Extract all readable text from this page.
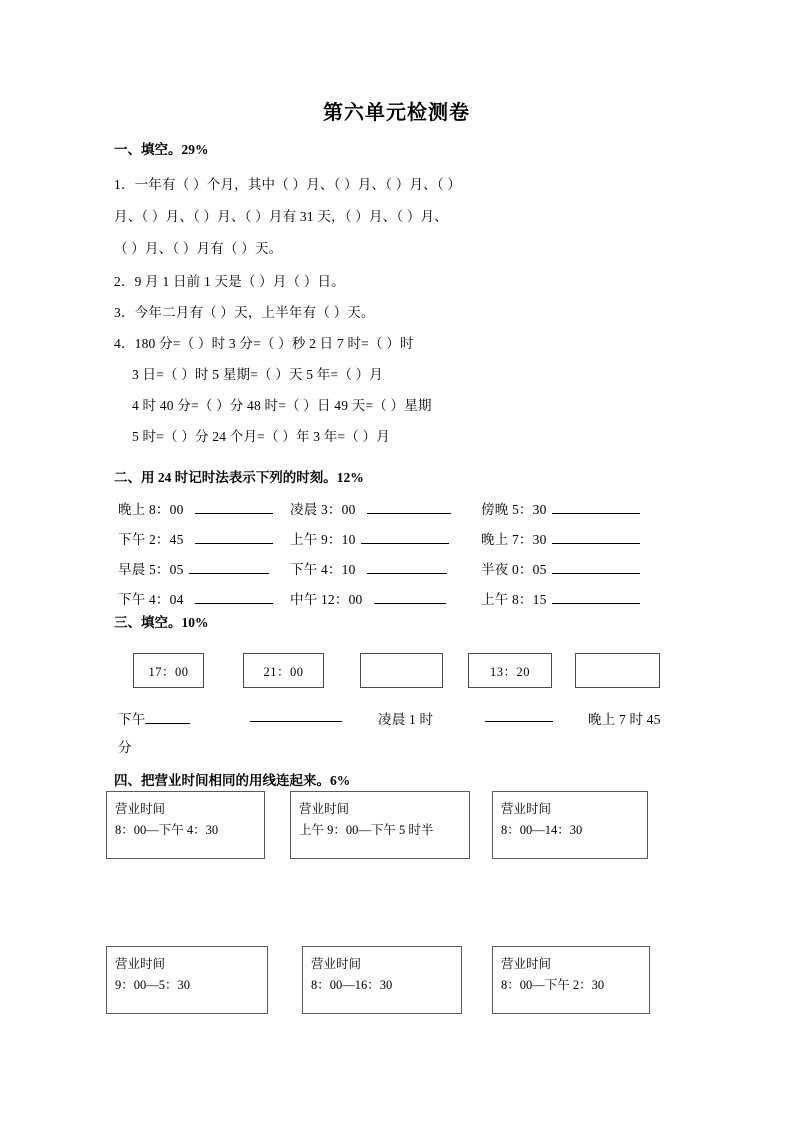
第六单元检测卷
一、填空。29%
1．一年有（ ）个月，其中（ ）月、（ ）月、（ ）月、（ ）
月、（ ）月、（ ）月、（ ）月有 31 天，（ ）月、（ ）月、
（ ）月、（ ）月有（ ）天。
2．9 月 1 日前 1 天是（ ）月（ ）日。
3．今年二月有（ ）天，上半年有（ ）天。
4．180 分=（ ）时 3 分=（ ）秒 2 日 7 时=（ ）时
3 日=（ ）时 5 星期=（ ）天 5 年=（ ）月
4 时 40 分=（ ）分 48 时=（ ）日 49 天=（ ）星期
5 时=（ ）分 24 个月=（ ）年 3 年=（ ）月
二、用 24 时记时法表示下列的时刻。12%
晚上 8：00	凌晨 3：00	傍晚 5：30
下午 2：45	上午 9：10	晚上 7：30
早晨 5：05	下午 4：10	半夜 0：05
下午 4：04	中午 12：00	上午 8：15
三、填空。10%
17：00	21：00	13：20
下午	凌晨 1 时	晚上 7 时 45
分
四、把营业时间相同的用线连起来。6%
营业时间
8：00—下午 4：30
营业时间
上午 9：00—下午 5 时半
营业时间
8：00—14：30
营业时间
9：00—5：30
营业时间
8：00—16：30
营业时间
8：00—下午 2：30
